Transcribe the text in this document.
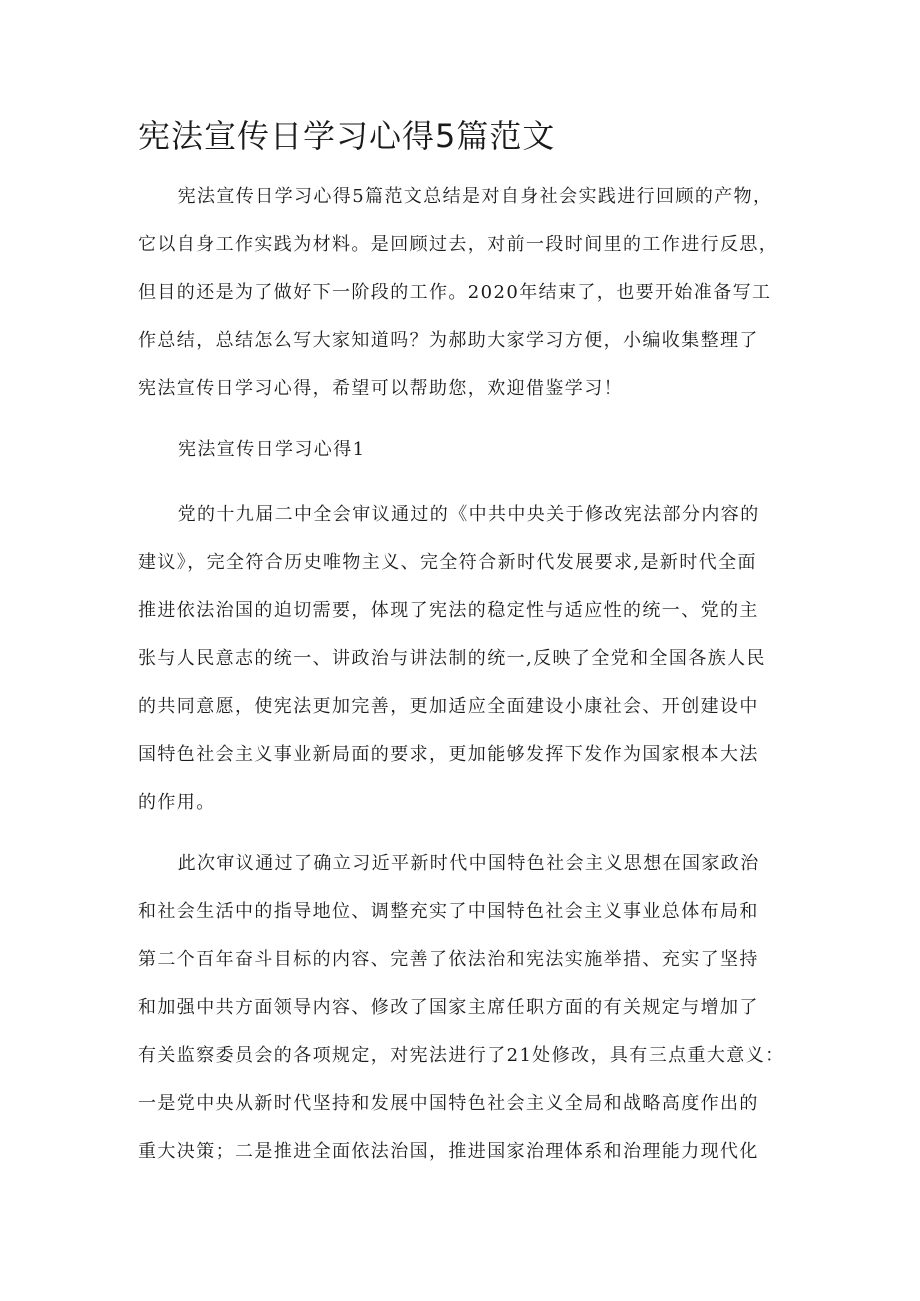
宪法宣传日学习心得5篇范文

宪法宣传日学习心得5篇范文总结是对自身社会实践进行回顾的产物，
它以自身工作实践为材料。是回顾过去，对前一段时间里的工作进行反思，
但目的还是为了做好下一阶段的工作。2020年结束了，也要开始准备写工
作总结，总结怎么写大家知道吗？为郝助大家学习方便，小编收集整理了
宪法宣传日学习心得，希望可以帮助您，欢迎借鉴学习！

宪法宣传日学习心得1

党的十九届二中全会审议通过的《中共中央关于修改宪法部分内容的
建议》，完全符合历史唯物主义、完全符合新时代发展要求,是新时代全面
推进依法治国的迫切需要，体现了宪法的稳定性与适应性的统一、党的主
张与人民意志的统一、讲政治与讲法制的统一,反映了全党和全国各族人民
的共同意愿，使宪法更加完善，更加适应全面建设小康社会、开创建设中
国特色社会主义事业新局面的要求，更加能够发挥下发作为国家根本大法
的作用。

此次审议通过了确立习近平新时代中国特色社会主义思想在国家政治
和社会生活中的指导地位、调整充实了中国特色社会主义事业总体布局和
第二个百年奋斗目标的内容、完善了依法治和宪法实施举措、充实了坚持
和加强中共方面领导内容、修改了国家主席任职方面的有关规定与增加了
有关监察委员会的各项规定，对宪法进行了21处修改，具有三点重大意义：
一是党中央从新时代坚持和发展中国特色社会主义全局和战略高度作出的
重大决策；二是推进全面依法治国，推进国家治理体系和治理能力现代化
